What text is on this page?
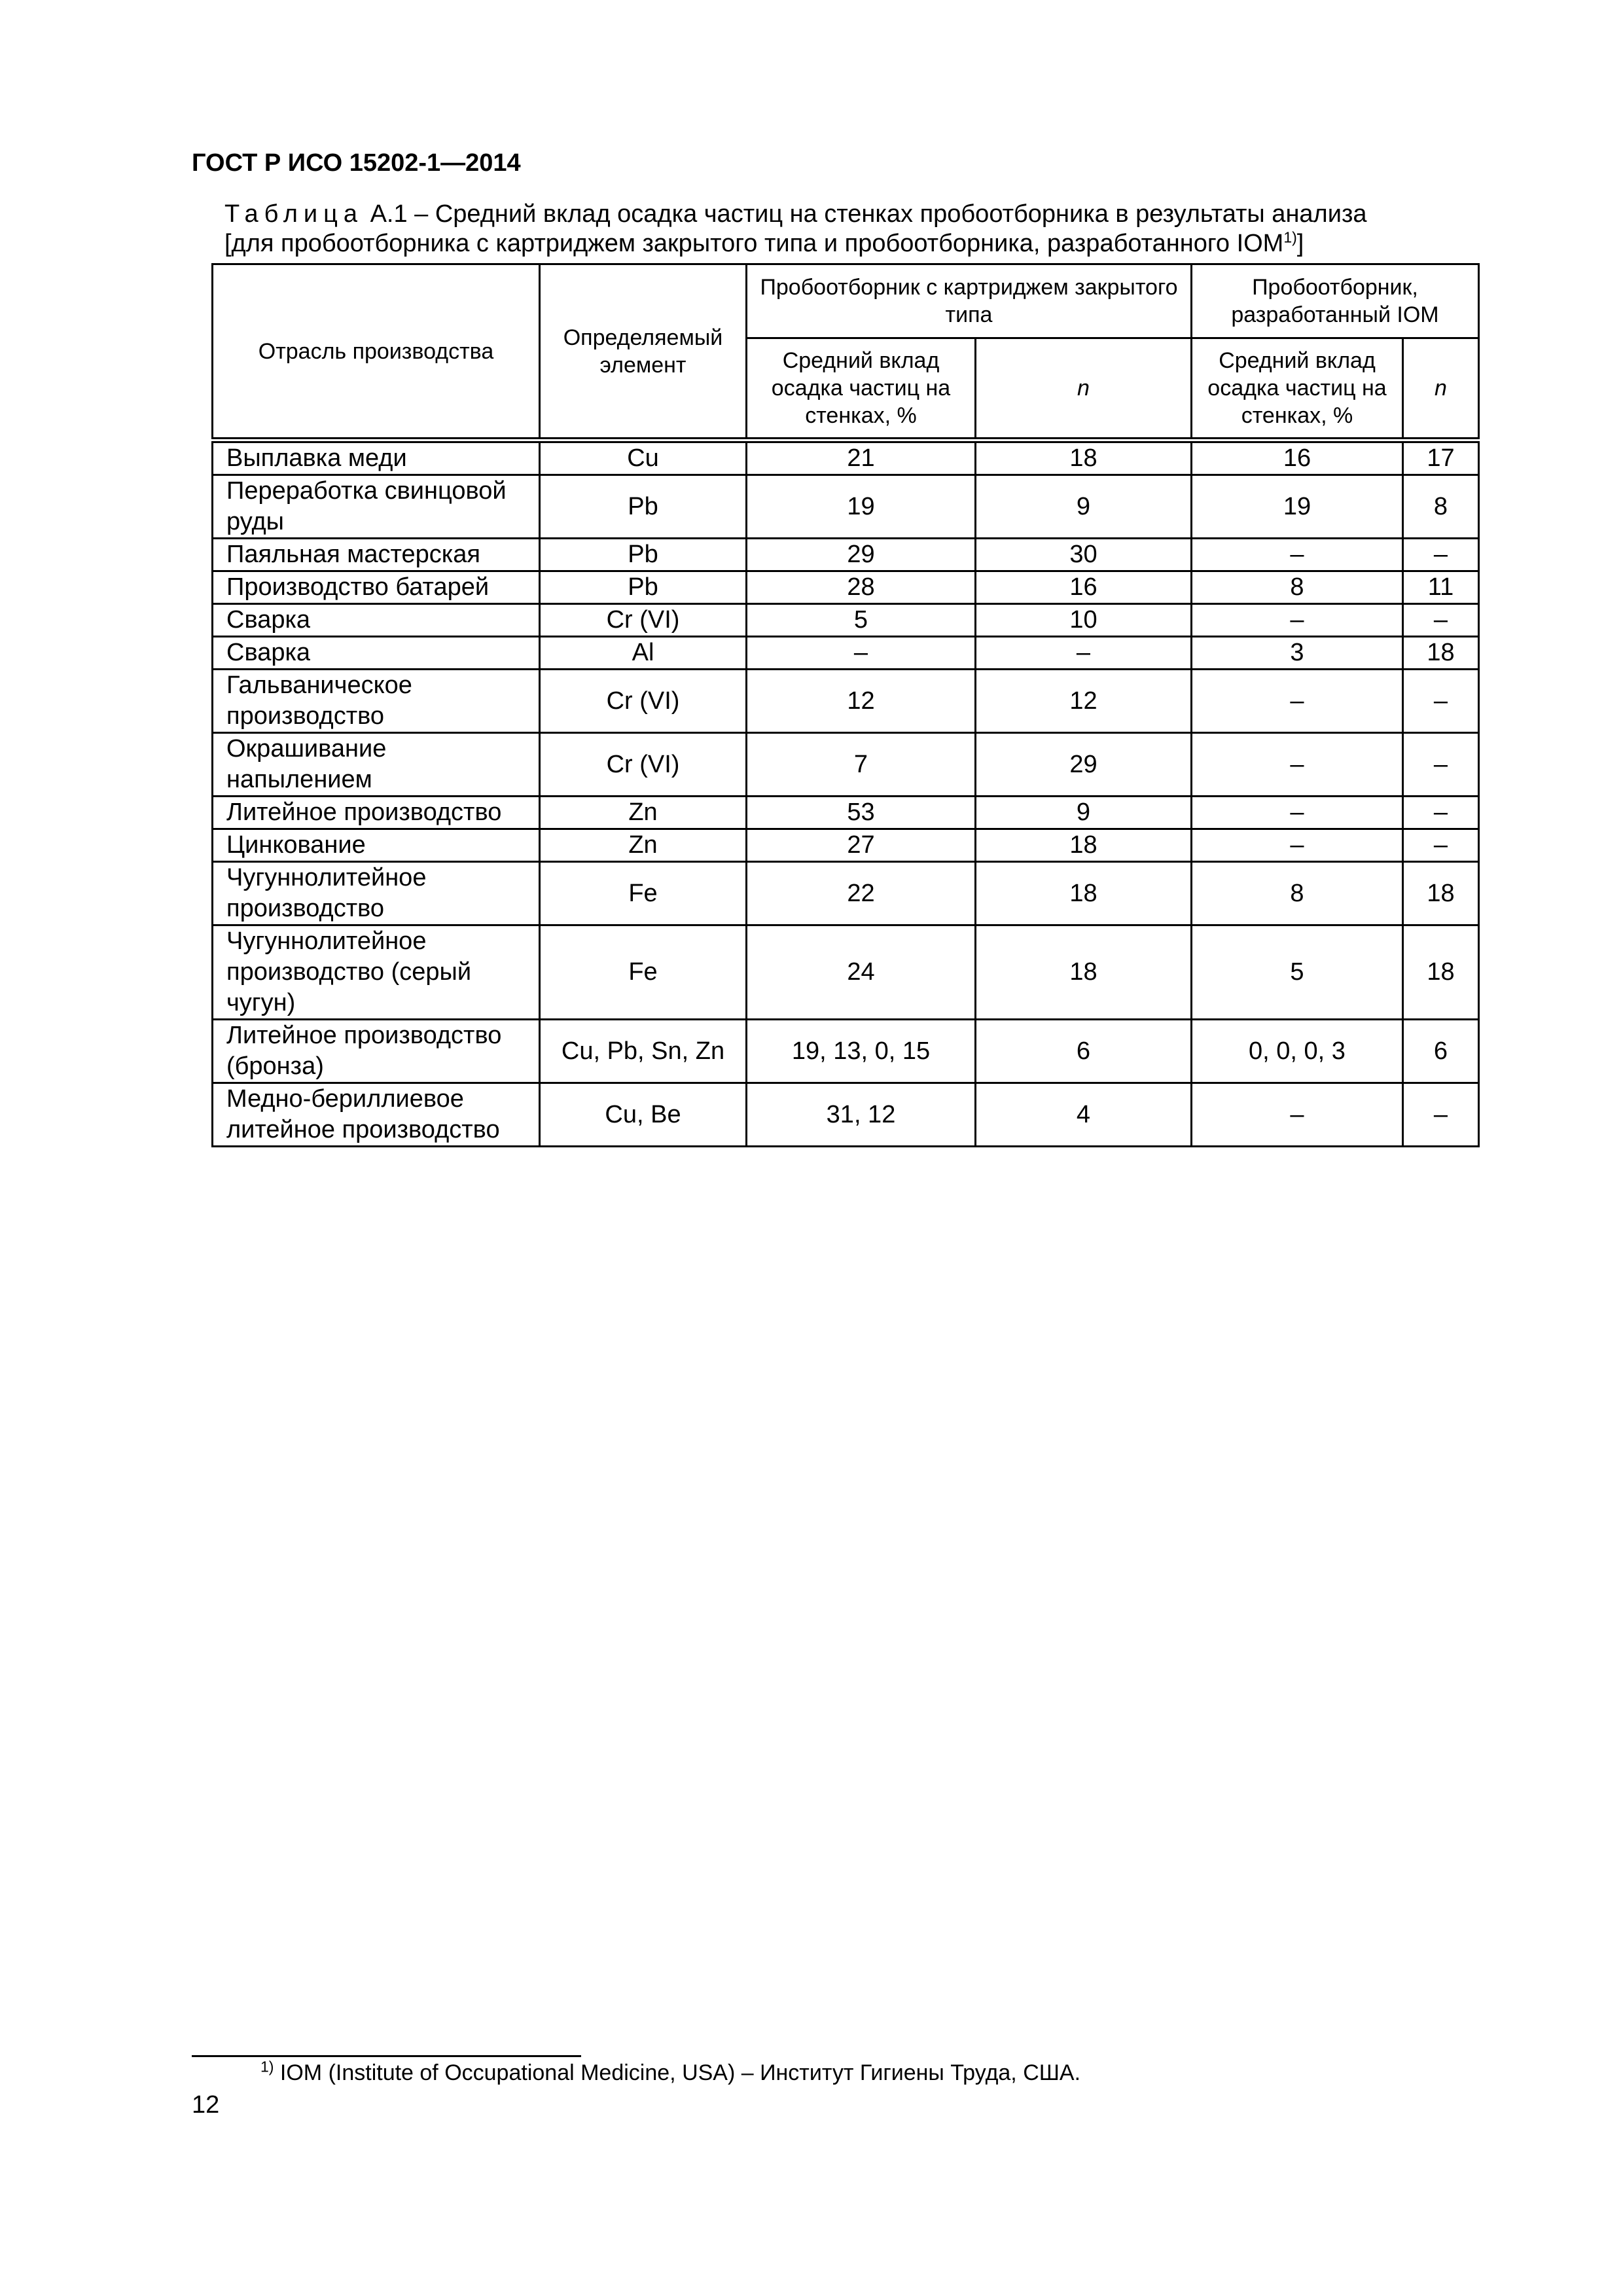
ГОСТ Р ИСО 15202-1—2014
Таблица А.1 – Средний вклад осадка частиц на стенках пробоотборника в результаты анализа
[для пробоотборника с картриджем закрытого типа и пробоотборника, разработанного IOM$^{1)}$]
Отрасль производства	Определяемый элемент	Пробоотборник с картриджем закрытого типа		Пробоотборник, разработанный IOM	
		Средний вклад осадка частиц на стенках, %	n	Средний вклад осадка частиц на стенках, %	n
Выплавка меди	Cu	21	18	16	17
Переработка свинцовой руды	Pb	19	9	19	8
Паяльная мастерская	Pb	29	30	–	–
Производство батарей	Pb	28	16	8	11
Сварка	Cr (VI)	5	10	–	–
Сварка	Al	–	–	3	18
Гальваническое производство	Cr (VI)	12	12	–	–
Окрашивание напылением	Cr (VI)	7	29	–	–
Литейное производство	Zn	53	9	–	–
Цинкование	Zn	27	18	–	–
Чугуннолитейное производство	Fe	22	18	8	18
Чугуннолитейное производство (серый чугун)	Fe	24	18	5	18
Литейное производство (бронза)	Cu, Pb, Sn, Zn	19, 13, 0, 15	6	0, 0, 0, 3	6
Медно-бериллиевое литейное производство	Cu, Be	31, 12	4	–	–
$^{1)}$ IOM (Institute of Occupational Medicine, USA) – Институт Гигиены Труда, США.
12
